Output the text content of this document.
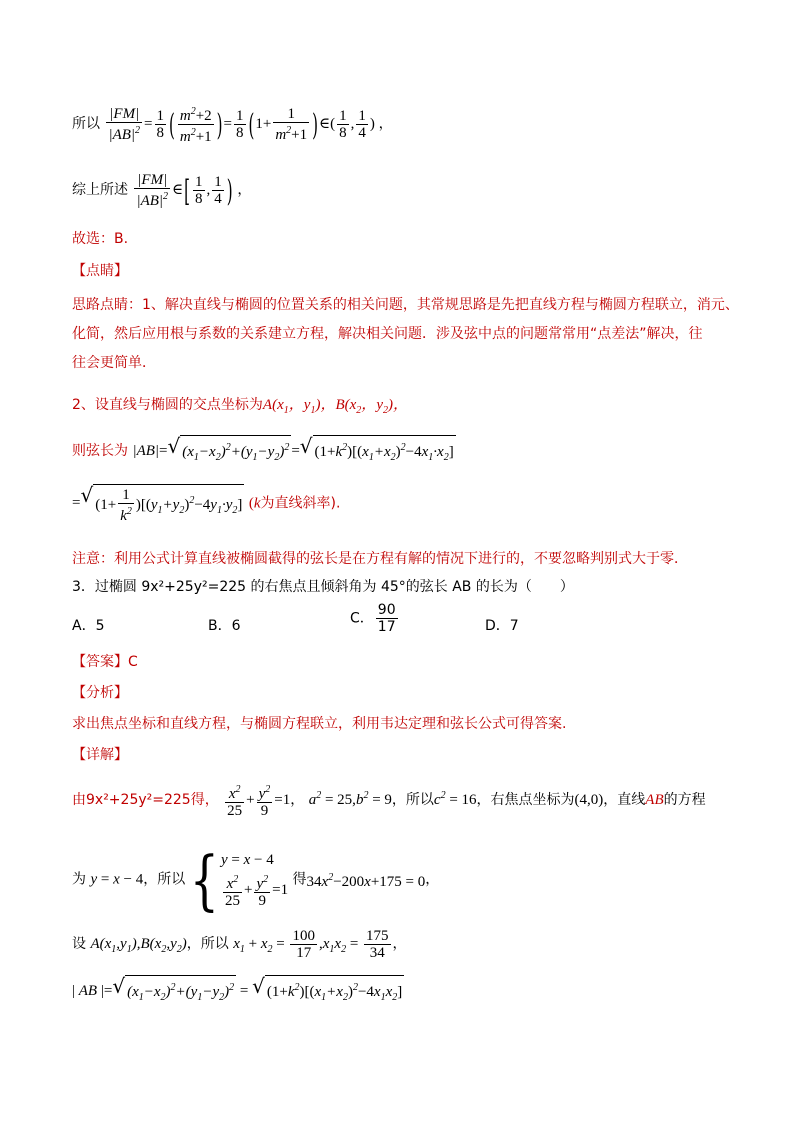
所以 $\frac{|FM|}{|AB|^2} = \frac{1}{8}$ ( $\frac{m^2+2}{m^2+1}$ )= $\frac{1}{8} (1+ \frac{1}{m^2+1}$ )∈( $\frac{1}{8}$ , $\frac{1}{4}$ ) ，
综上所述 $\frac{|FM|}{|AB|^2}$ ∈[ $\frac{1}{8}$ , $\frac{1}{4}$ ) ，
故选：B.
【点睛】
思路点睛：1、解决直线与椭圆的位置关系的相关问题，其常规思路是先把直线方程与椭圆方程联立，消元、
化简，然后应用根与系数的关系建立方程，解决相关问题．涉及弦中点的问题常常用“点差法”解决，往
往会更简单．
2、设直线与椭圆的交点坐标为$A(x_1$，$y_1$)，$B(x_2$，$y_2$)，
则弦长为 |AB|= √ $(x_1-x_2)^2+(y_1-y_2)^2$ = √ $(1+k^2)[(x_1+x_2)^2-4x_1\cdot x_2]$
= √ $(1+ \frac{1}{k^2} )[(y_1+y_2)^2-4y_1\cdot y_2]$ (k为直线斜率).
注意：利用公式计算直线被椭圆截得的弦长是在方程有解的情况下进行的，不要忽略判别式大于零．
3．过椭圆 9x²+25y²=225 的右焦点且倾斜角为 45°的弦长 AB 的长为（　　）
A．5	B．6	C． $\frac{90}{17}$	D．7
【答案】C
【分析】
求出焦点坐标和直线方程，与椭圆方程联立，利用韦达定理和弦长公式可得答案.
【详解】
由9x²+25y²=225得， $\frac{x^2}{25} + \frac{y^2}{9} =1$， $a^2 = 25,b^2 = 9$，所以$c^2 = 16$，右焦点坐标为(4,0)，直线AB的方程
为 y = x − 4，所以 { y = x − 4
$\frac{x^2}{25} + \frac{y^2}{9} =1$
得$34x^2-200x+175 = 0$，
设 $A(x_1,y_1),B(x_2,y_2)$，所以 $x_1 + x_2 = \frac{100}{17} ,x_1x_2 = \frac{175}{34}$ ，
| AB |= √ $(x_1-x_2)^2+(y_1-y_2)^2$ = √ $(1+k^2)[(x_1+x_2)^2-4x_1x_2]$
